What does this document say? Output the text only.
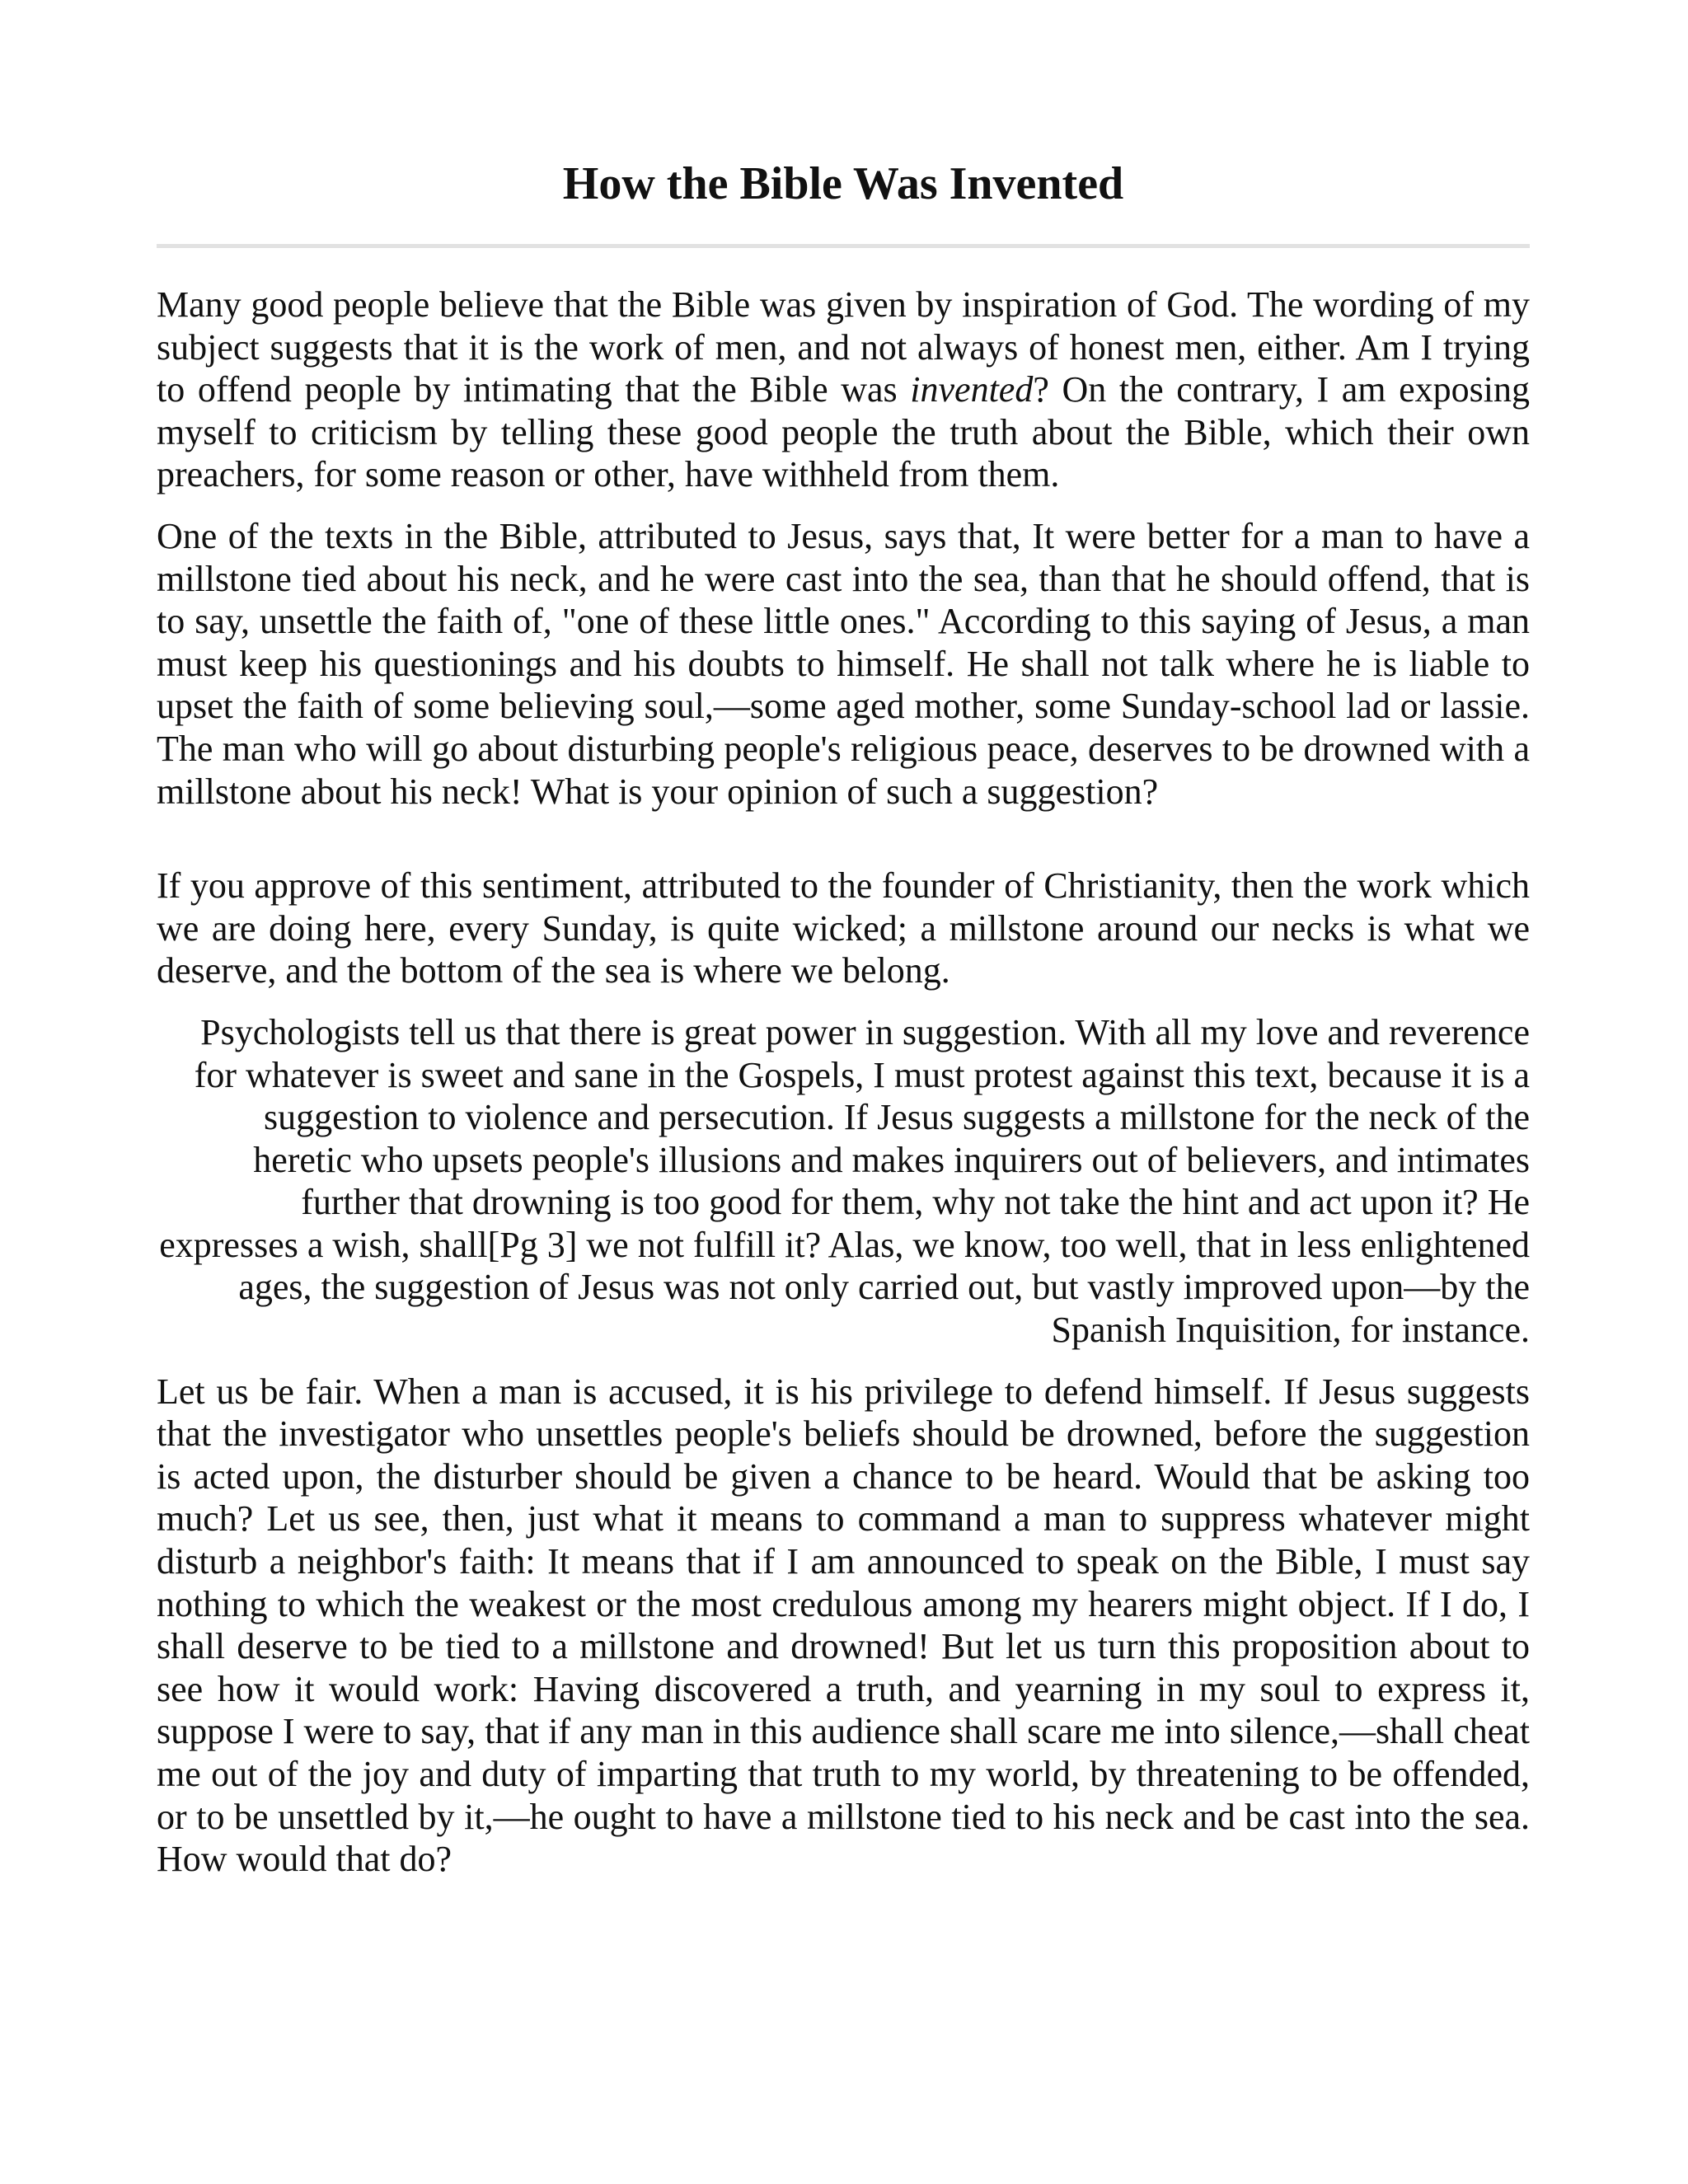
How the Bible Was Invented

Many good people believe that the Bible was given by inspiration of God. The wording of my subject suggests that it is the work of men, and not always of honest men, either. Am I trying to offend people by intimating that the Bible was invented? On the contrary, I am exposing myself to criticism by telling these good people the truth about the Bible, which their own preachers, for some reason or other, have withheld from them.

One of the texts in the Bible, attributed to Jesus, says that, It were better for a man to have a millstone tied about his neck, and he were cast into the sea, than that he should offend, that is to say, unsettle the faith of, "one of these little ones." According to this saying of Jesus, a man must keep his questionings and his doubts to himself. He shall not talk where he is liable to upset the faith of some believing soul,—some aged mother, some Sunday-school lad or lassie. The man who will go about disturbing people's religious peace, deserves to be drowned with a millstone about his neck! What is your opinion of such a suggestion?

If you approve of this sentiment, attributed to the founder of Christianity, then the work which we are doing here, every Sunday, is quite wicked; a millstone around our necks is what we deserve, and the bottom of the sea is where we belong.

Psychologists tell us that there is great power in suggestion. With all my love and reverence for whatever is sweet and sane in the Gospels, I must protest against this text, because it is a suggestion to violence and persecution. If Jesus suggests a millstone for the neck of the heretic who upsets people's illusions and makes inquirers out of believers, and intimates further that drowning is too good for them, why not take the hint and act upon it? He expresses a wish, shall[Pg 3] we not fulfill it? Alas, we know, too well, that in less enlightened ages, the suggestion of Jesus was not only carried out, but vastly improved upon—by the Spanish Inquisition, for instance.

Let us be fair. When a man is accused, it is his privilege to defend himself. If Jesus suggests that the investigator who unsettles people's beliefs should be drowned, before the suggestion is acted upon, the disturber should be given a chance to be heard. Would that be asking too much? Let us see, then, just what it means to command a man to suppress whatever might disturb a neighbor's faith: It means that if I am announced to speak on the Bible, I must say nothing to which the weakest or the most credulous among my hearers might object. If I do, I shall deserve to be tied to a millstone and drowned! But let us turn this proposition about to see how it would work: Having discovered a truth, and yearning in my soul to express it, suppose I were to say, that if any man in this audience shall scare me into silence,—shall cheat me out of the joy and duty of imparting that truth to my world, by threatening to be offended, or to be unsettled by it,—he ought to have a millstone tied to his neck and be cast into the sea. How would that do?
